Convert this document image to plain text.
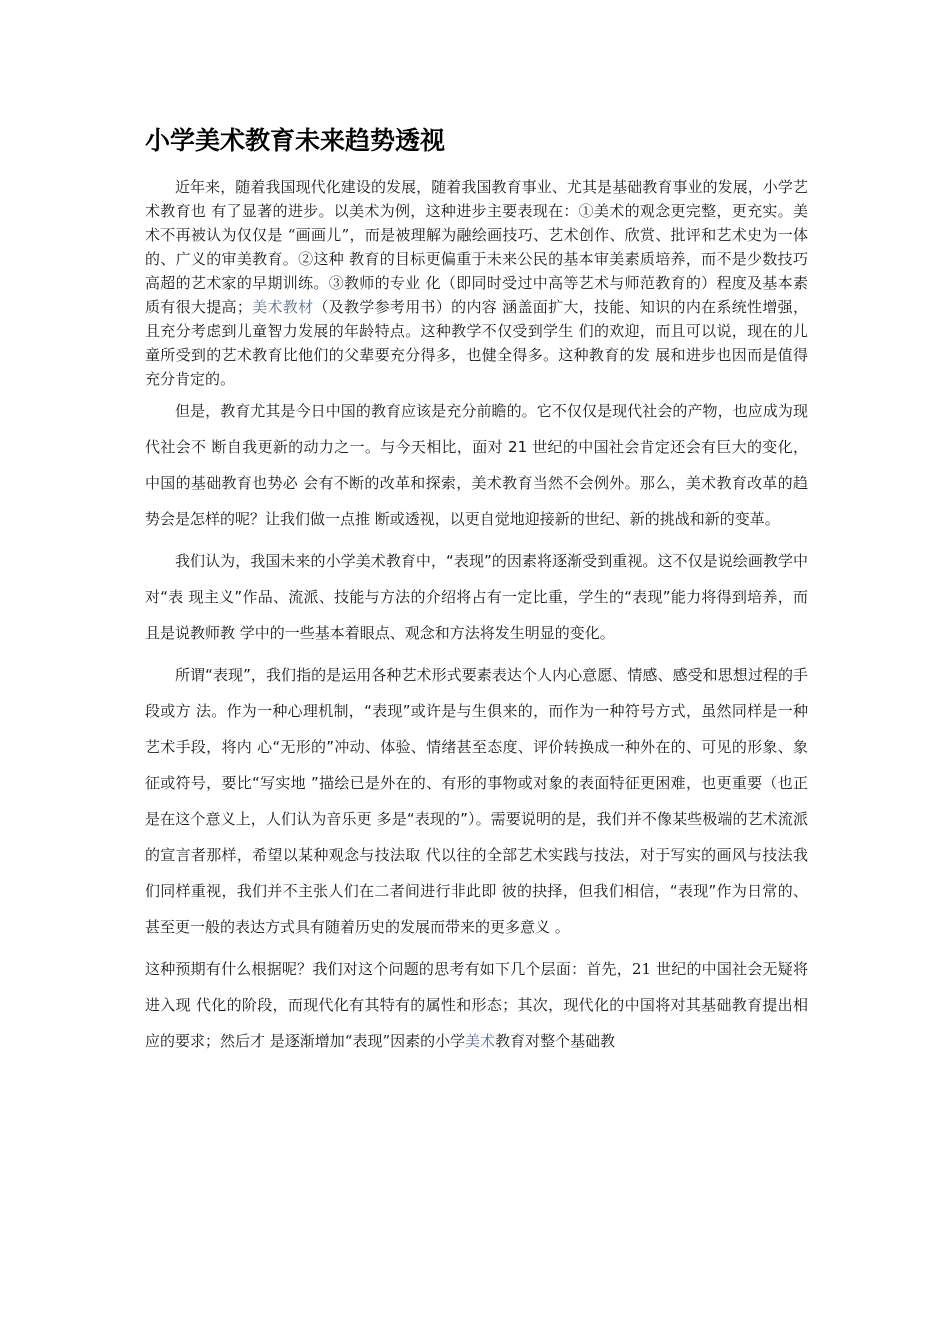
小学美术教育未来趋势透视

近年来，随着我国现代化建设的发展，随着我国教育事业、尤其是基础教育事业的发展，小学艺术教育也 有了显著的进步。以美术为例，这种进步主要表现在：①美术的观念更完整，更充实。美术不再被认为仅仅是 “画画儿”，而是被理解为融绘画技巧、艺术创作、欣赏、批评和艺术史为一体的、广义的审美教育。②这种 教育的目标更偏重于未来公民的基本审美素质培养，而不是少数技巧高超的艺术家的早期训练。③教师的专业 化（即同时受过中高等艺术与师范教育的）程度及基本素质有很大提高；美术教材（及教学参考用书）的内容 涵盖面扩大，技能、知识的内在系统性增强，且充分考虑到儿童智力发展的年龄特点。这种教学不仅受到学生 们的欢迎，而且可以说，现在的儿童所受到的艺术教育比他们的父辈要充分得多，也健全得多。这种教育的发 展和进步也因而是值得充分肯定的。

但是，教育尤其是今日中国的教育应该是充分前瞻的。它不仅仅是现代社会的产物，也应成为现代社会不 断自我更新的动力之一。与今天相比，面对 21 世纪的中国社会肯定还会有巨大的变化，中国的基础教育也势必 会有不断的改革和探索，美术教育当然不会例外。那么，美术教育改革的趋势会是怎样的呢？让我们做一点推 断或透视，以更自觉地迎接新的世纪、新的挑战和新的变革。

我们认为，我国未来的小学美术教育中，“表现”的因素将逐渐受到重视。这不仅是说绘画教学中对“表 现主义”作品、流派、技能与方法的介绍将占有一定比重，学生的“表现”能力将得到培养，而且是说教师教 学中的一些基本着眼点、观念和方法将发生明显的变化。

所谓“表现”，我们指的是运用各种艺术形式要素表达个人内心意愿、情感、感受和思想过程的手段或方 法。作为一种心理机制，“表现”或许是与生俱来的，而作为一种符号方式，虽然同样是一种艺术手段，将内 心“无形的”冲动、体验、情绪甚至态度、评价转换成一种外在的、可见的形象、象征或符号，要比“写实地 ”描绘已是外在的、有形的事物或对象的表面特征更困难，也更重要（也正是在这个意义上，人们认为音乐更 多是“表现的”）。需要说明的是，我们并不像某些极端的艺术流派的宣言者那样，希望以某种观念与技法取 代以往的全部艺术实践与技法，对于写实的画风与技法我们同样重视，我们并不主张人们在二者间进行非此即 彼的抉择，但我们相信，“表现”作为日常的、甚至更一般的表达方式具有随着历史的发展而带来的更多意义 。

这种预期有什么根据呢？我们对这个问题的思考有如下几个层面：首先，21 世纪的中国社会无疑将进入现 代化的阶段，而现代化有其特有的属性和形态；其次，现代化的中国将对其基础教育提出相应的要求；然后才 是逐渐增加“表现”因素的小学美术教育对整个基础教
